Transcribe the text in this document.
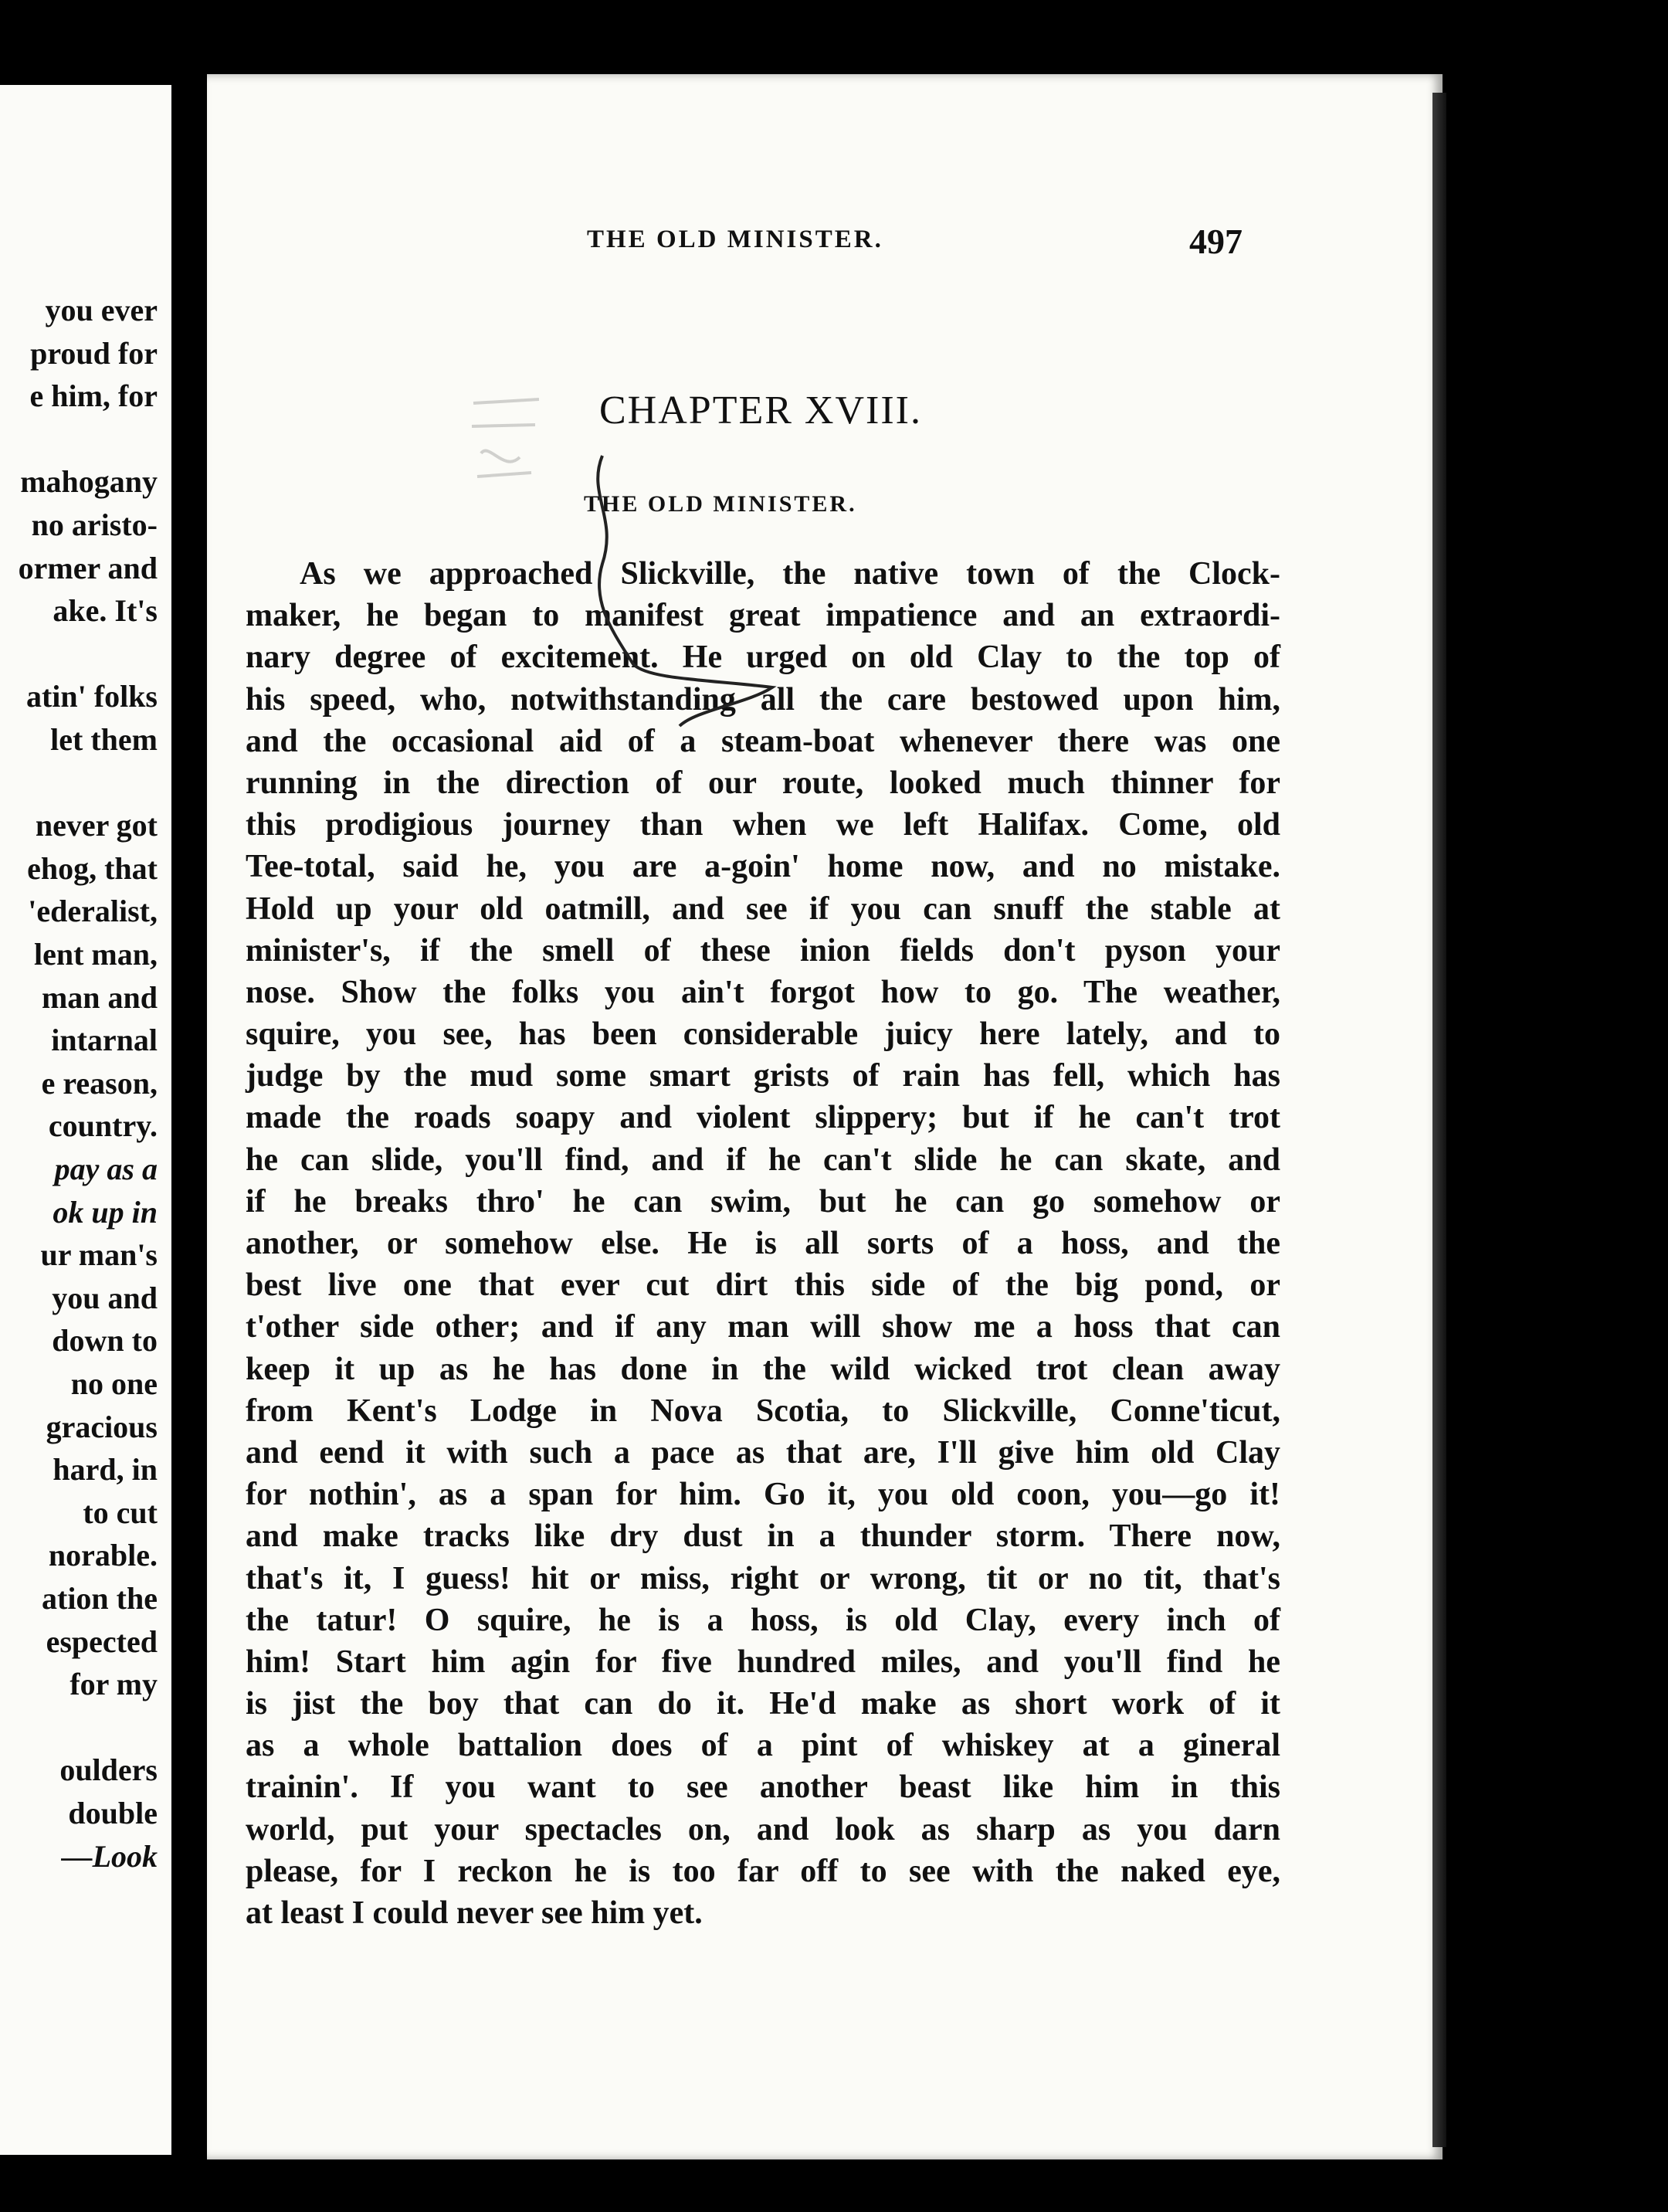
you ever
proud for
e him, for
mahogany
no aristo-
ormer and
ake. It's
atin' folks
let them
never got
ehog, that
'ederalist,
lent man,
man and
intarnal
e reason,
country.
pay as a
ok up in
ur man's
you and
down to
no one
gracious
hard, in
to cut
norable.
ation the
espected
for my
oulders
double
—Look
THE OLD MINISTER.	497
CHAPTER XVIII.
THE OLD MINISTER.
As we approached Slickville, the native town of the Clock-
maker, he began to manifest great impatience and an extraordi-
nary degree of excitement. He urged on old Clay to the top of
his speed, who, notwithstanding all the care bestowed upon him,
and the occasional aid of a steam-boat whenever there was one
running in the direction of our route, looked much thinner for
this prodigious journey than when we left Halifax. Come, old
Tee-total, said he, you are a-goin' home now, and no mistake.
Hold up your old oatmill, and see if you can snuff the stable at
minister's, if the smell of these inion fields don't pyson your
nose. Show the folks you ain't forgot how to go. The weather,
squire, you see, has been considerable juicy here lately, and to
judge by the mud some smart grists of rain has fell, which has
made the roads soapy and violent slippery; but if he can't trot
he can slide, you'll find, and if he can't slide he can skate, and
if he breaks thro' he can swim, but he can go somehow or
another, or somehow else. He is all sorts of a hoss, and the
best live one that ever cut dirt this side of the big pond, or
t'other side other; and if any man will show me a hoss that can
keep it up as he has done in the wild wicked trot clean away
from Kent's Lodge in Nova Scotia, to Slickville, Conne'ticut,
and eend it with such a pace as that are, I'll give him old Clay
for nothin', as a span for him. Go it, you old coon, you—go it!
and make tracks like dry dust in a thunder storm. There now,
that's it, I guess! hit or miss, right or wrong, tit or no tit, that's
the tatur! O squire, he is a hoss, is old Clay, every inch of
him! Start him agin for five hundred miles, and you'll find he
is jist the boy that can do it. He'd make as short work of it
as a whole battalion does of a pint of whiskey at a gineral
trainin'. If you want to see another beast like him in this
world, put your spectacles on, and look as sharp as you darn
please, for I reckon he is too far off to see with the naked eye,
at least I could never see him yet.
